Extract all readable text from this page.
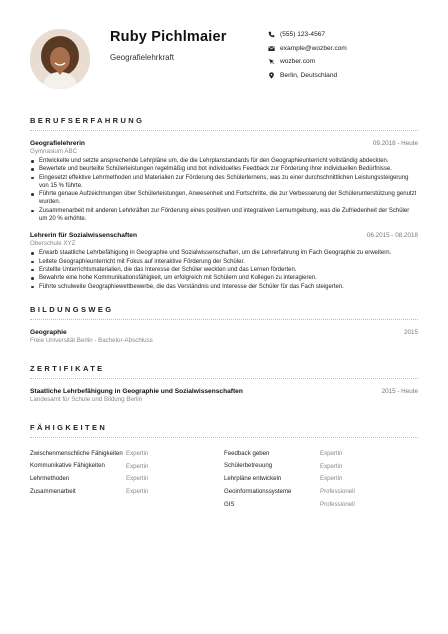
Ruby Pichlmaier
Geografielehrkraft
(555) 123-4567
example@wozber.com
wozber.com
Berlin, Deutschland
BERUFSERFAHRUNG
Geografielehrerin	09.2018 - Heute
Gymnasium ABC
Entwickelte und setzte ansprechende Lehrpläne um, die die Lehrplanstandards für den Geographieunterricht vollständig abdeckten.
Bewertete und beurteilte Schülerleistungen regelmäßig und bot individuelles Feedback zur Förderung ihrer individuellen Bedürfnisse.
Eingesetzt effektive Lehrmethoden und Materialien zur Förderung des Schülerlernens, was zu einer durchschnittlichen Leistungssteigerung von 15 % führte.
Führte genaue Aufzeichnungen über Schülerleistungen, Anwesenheit und Fortschritte, die zur Verbesserung der Schülerunterstützung genutzt wurden.
Zusammenarbeit mit anderen Lehrkräften zur Förderung eines positiven und integrativen Lernumgebung, was die Zufriedenheit der Schüler um 20 % erhöhte.
Lehrerin für Sozialwissenschaften	06.2015 - 08.2018
Oberschule XYZ
Erwarb staatliche Lehrbefähigung in Geographie und Sozialwissenschaften, um die Lehrerfahrung im Fach Geographie zu erweitern.
Leitete Geographieunterricht mit Fokus auf interaktive Förderung der Schüler.
Erstellte Unterrichtsmaterialien, die das Interesse der Schüler weckten und das Lernen förderten.
Bewahrte eine hohe Kommunikationsfähigkeit, um erfolgreich mit Schülern und Kollegen zu interagieren.
Führte schulweite Geographiewettbewerbe, die das Verständnis und Interesse der Schüler für das Fach steigerten.
BILDUNGSWEG
Geographie	2015
Freie Universität Berlin - Bachelor-Abschluss
ZERTIFIKATE
Staatliche Lehrbefähigung in Geographie und Sozialwissenschaften	2015 - Heute
Landesamt für Schule und Bildung Berlin
FÄHIGKEITEN
Zwischenmenschliche Fähigkeiten Expertin
Kommunikative Fähigkeiten	Expertin
Lehrmethoden	Expertin
Zusammenarbeit	Expertin
Feedback geben	Expertin
Schülerbetreuung	Expertin
Lehrpläne entwickeln	Expertin
Geoinformationssysteme	Professionell
GIS	Professionell
